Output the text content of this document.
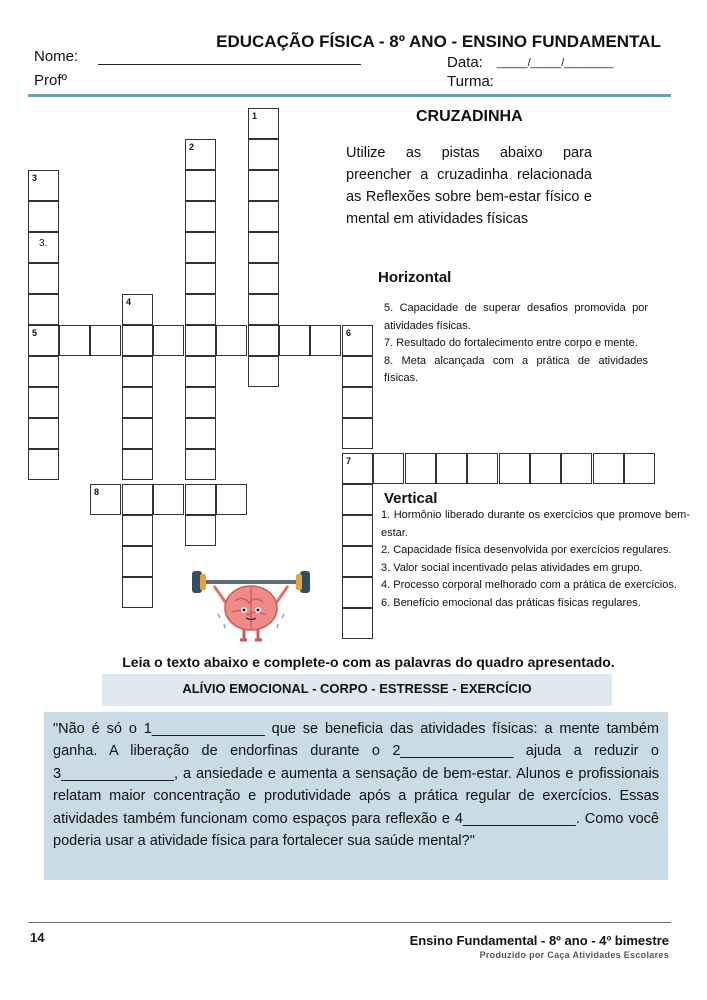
EDUCAÇÃO FÍSICA - 8º ANO - ENSINO FUNDAMENTAL
Nome:
Profº
Data: _____/_____/________
Turma:
1
2
3
3.
4
5	6
7
8
CRUZADINHA
Utilize as pistas abaixo para preencher a cruzadinha relacionada as Reflexões sobre bem-estar físico e mental em atividades físicas
Horizontal
5. Capacidade de superar desafios promovida por atividades físicas.
7. Resultado do fortalecimento entre corpo e mente.
8. Meta alcançada com a prática de atividades físicas.
Vertical
1. Hormônio liberado durante os exercícios que promove bem-estar.
2. Capacidade física desenvolvida por exercícios regulares.
3. Valor social incentivado pelas atividades em grupo.
4. Processo corporal melhorado com a prática de exercícios.
6. Benefício emocional das práticas físicas regulares.
Leia o texto abaixo e complete-o com as palavras do quadro apresentado.
ALÍVIO EMOCIONAL - CORPO - ESTRESSE - EXERCÍCIO
"Não é só o 1______________ que se beneficia das atividades físicas: a mente também ganha. A liberação de endorfinas durante o 2______________ ajuda a reduzir o 3______________, a ansiedade e aumenta a sensação de bem-estar. Alunos e profissionais relatam maior concentração e produtividade após a prática regular de exercícios. Essas atividades também funcionam como espaços para reflexão e 4______________. Como você poderia usar a atividade física para fortalecer sua saúde mental?"
14	Ensino Fundamental - 8º ano - 4º bimestre
Produzido por Caça Atividades Escolares
